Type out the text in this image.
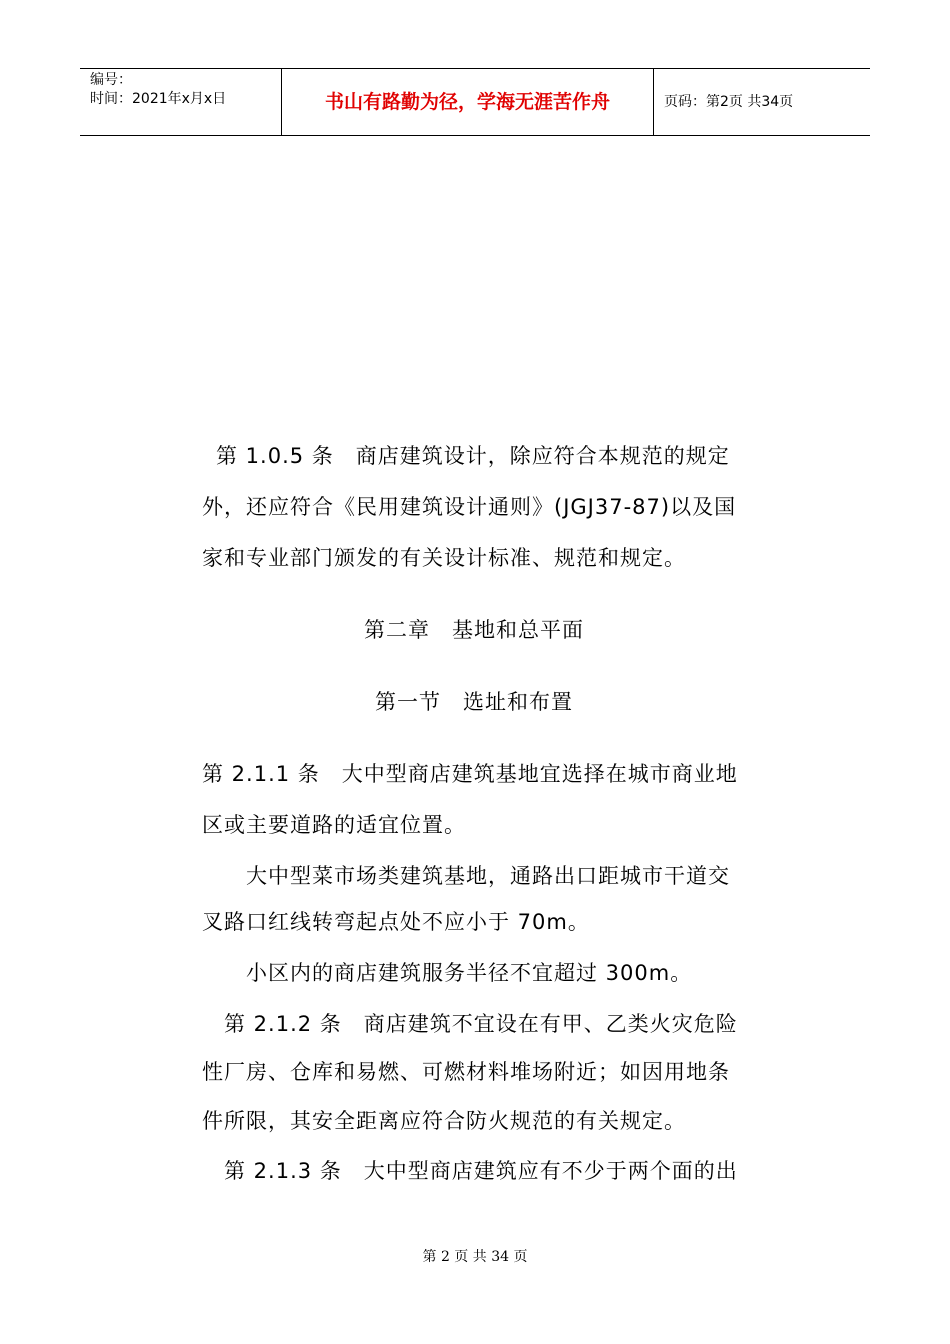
编号：
时间：2021年x月x日	书山有路勤为径，学海无涯苦作舟	页码：第2页 共34页
第 1.0.5 条　商店建筑设计，除应符合本规范的规定
外，还应符合《民用建筑设计通则》(JGJ37-87)以及国
家和专业部门颁发的有关设计标准、规范和规定。
第二章　基地和总平面
第一节　选址和布置
第 2.1.1 条　大中型商店建筑基地宜选择在城市商业地
区或主要道路的适宜位置。
大中型菜市场类建筑基地，通路出口距城市干道交
叉路口红线转弯起点处不应小于 70m。
小区内的商店建筑服务半径不宜超过 300m。
第 2.1.2 条　商店建筑不宜设在有甲、乙类火灾危险
性厂房、仓库和易燃、可燃材料堆场附近；如因用地条
件所限，其安全距离应符合防火规范的有关规定。
第 2.1.3 条　大中型商店建筑应有不少于两个面的出
第 2 页 共 34 页
